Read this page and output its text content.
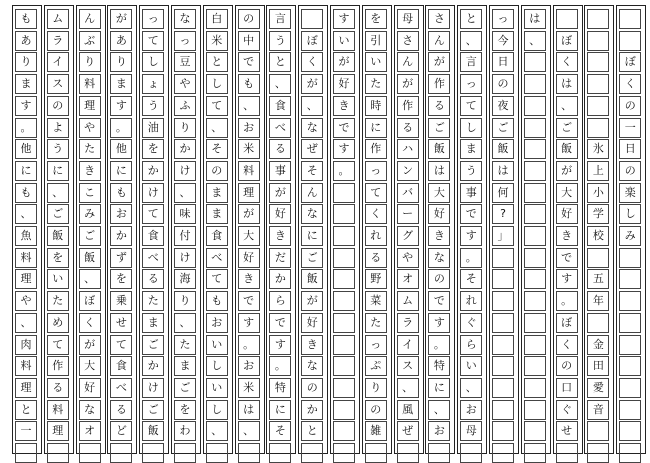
ぼ
く
の
一
日
の
楽
し
み
氷
上
小
学
校
五
年
金
田
愛
音
ぼ
く
は
、
ご
飯
が
大
好
き
で
す
。
ぼ
く
の
口
ぐ
せ
は
、
っ
今
日
の
夜
ご
飯
は
何
?
」
と
、
言
っ
て
し
ま
う
事
で
す
。
そ
れ
ぐ
ら
い
、
お
母
さ
ん
が
作
る
ご
飯
は
大
好
き
な
の
で
す
。
特
に
、
お
母
さ
ん
が
作
る
ハ
ン
バ
ー
グ
や
オ
ム
ラ
イ
ス
、
風
ぜ
を
引
い
た
時
に
作
っ
て
く
れ
る
野
菜
た
っ
ぷ
り
の
雑
す
い
が
好
き
で
す
。
ぼ
く
が
、
な
ぜ
そ
ん
な
に
ご
飯
が
好
き
な
の
か
と
言
う
と
、
食
べ
る
事
が
好
き
だ
か
ら
で
す
。
特
に
そ
の
中
で
も
、
お
米
料
理
が
大
好
き
で
す
。
お
米
は
、
白
米
と
し
て
、
そ
の
ま
ま
食
べ
て
も
お
い
し
い
し
、
な
っ
豆
や
ふ
り
か
け
、
味
付
け
海
り
、
た
ま
ご
を
わ
っ
て
し
ょ
う
油
を
か
け
て
食
べ
る
た
ま
ご
か
け
ご
飯
が
あ
り
ま
す
。
他
に
も
お
か
ず
を
乗
せ
て
食
べ
る
ど
ん
ぶ
り
料
理
や
た
き
こ
み
ご
飯
、
ぼ
く
が
大
好
な
オ
ム
ラ
イ
ス
の
よ
う
に
、
ご
飯
を
い
た
め
て
作
る
料
理
も
あ
り
ま
す
。
他
に
も
、
魚
料
理
や
、
肉
料
理
と
一
